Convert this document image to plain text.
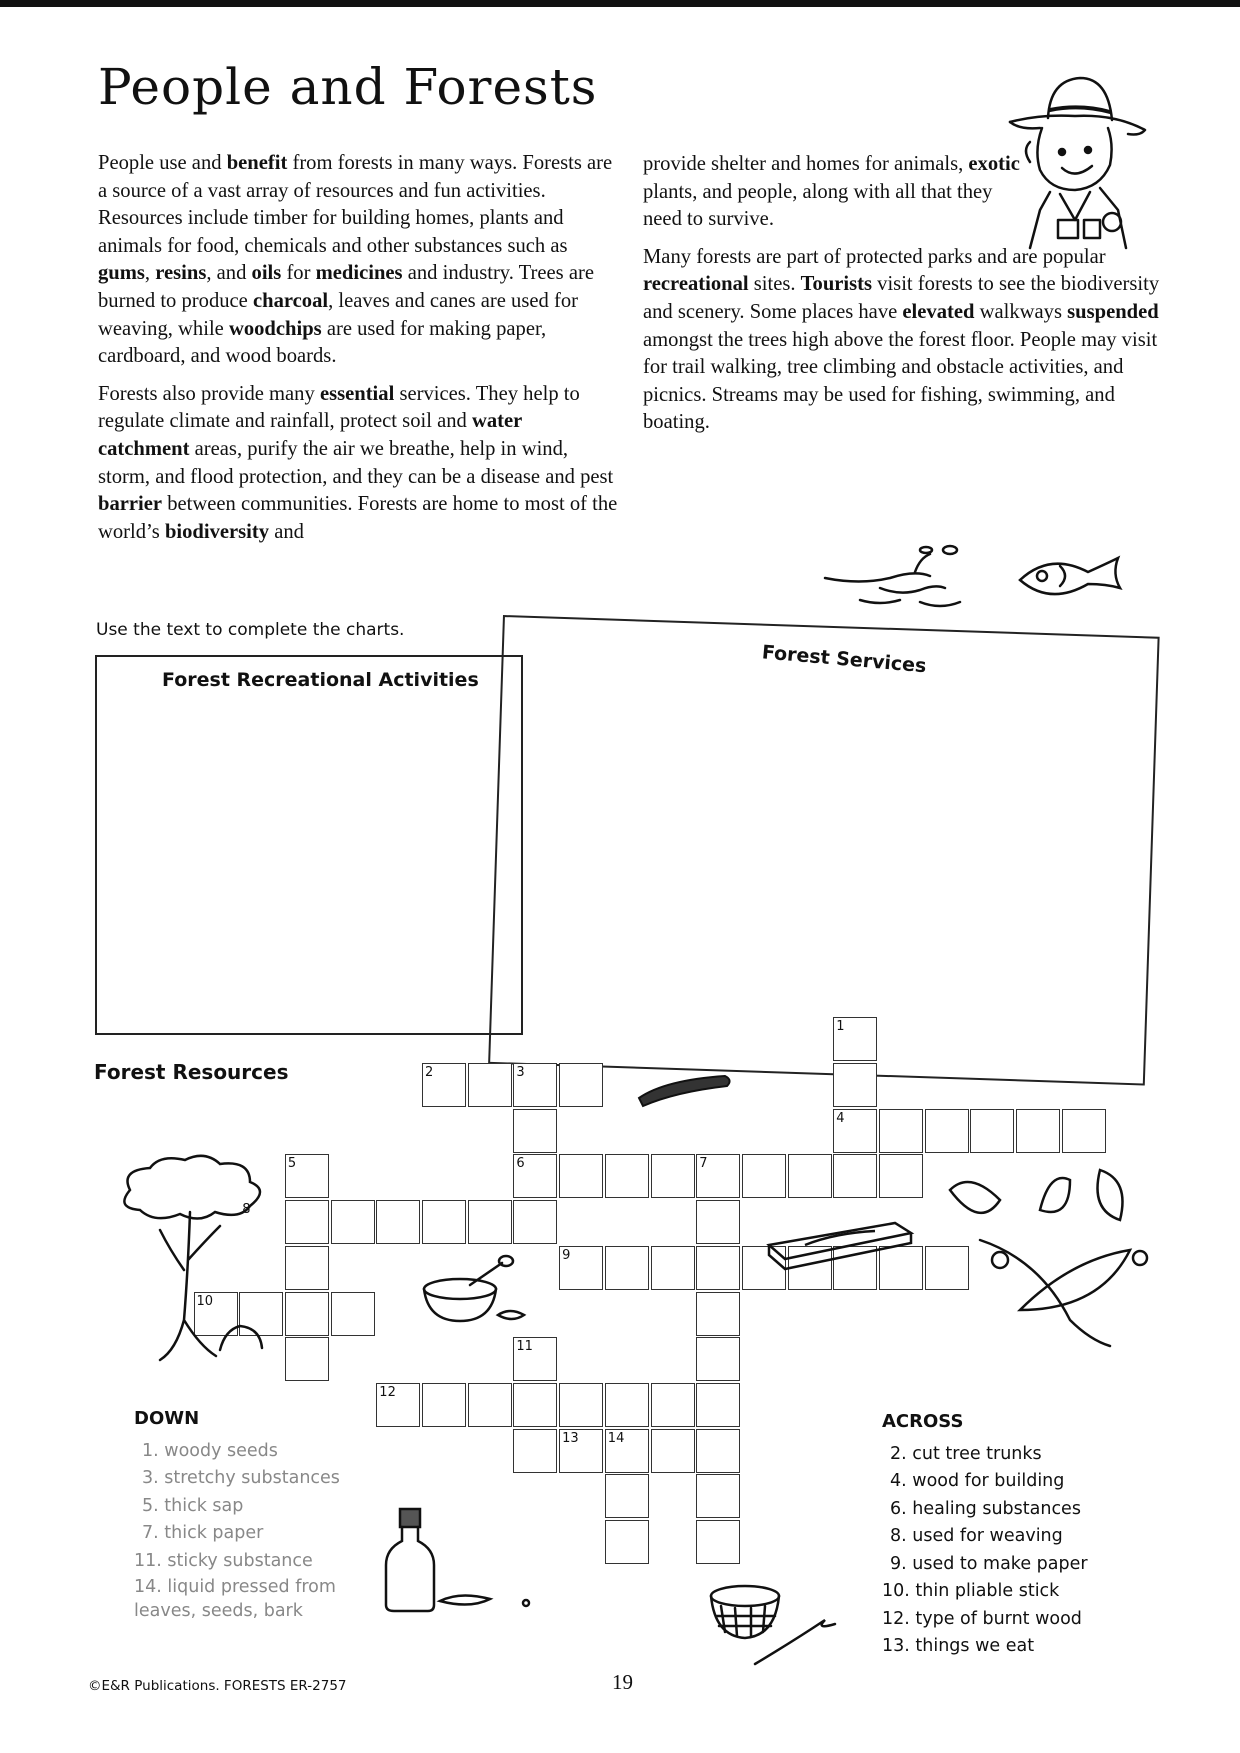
People and Forests

People use and benefit from forests in many ways. Forests are a source of a vast array of resources and fun activities. Resources include timber for building homes, plants and animals for food, chemicals and other substances such as gums, resins, and oils for medicines and industry. Trees are burned to produce charcoal, leaves and canes are used for weaving, while woodchips are used for making paper, cardboard, and wood boards.

Forests also provide many essential services. They help to regulate climate and rainfall, protect soil and water catchment areas, purify the air we breathe, help in wind, storm, and flood protection, and they can be a disease and pest barrier between communities. Forests are home to most of the world’s biodiversity and

provide shelter and homes for animals, exotic plants, and people, along with all that they need to survive.

Many forests are part of protected parks and are popular recreational sites. Tourists visit forests to see the biodiversity and scenery. Some places have elevated walkways suspended amongst the trees high above the forest floor. People may visit for trail walking, tree climbing and obstacle activities, and picnics. Streams may be used for fishing, swimming, and boating.

Use the text to complete the charts.
Forest Services
Forest Recreational Activities
Forest Resources
1
2	3
4
5	6	7
8
9
10
11
12
13 14
DOWN
1. woody seeds
3. stretchy substances
5. thick sap
7. thick paper
11. sticky substance
14. liquid pressed from
leaves, seeds, bark
ACROSS
2. cut tree trunks
4. wood for building
6. healing substances
8. used for weaving
9. used to make paper
10. thin pliable stick
12. type of burnt wood
13. things we eat
©E&R Publications. FORESTS ER-2757	19
